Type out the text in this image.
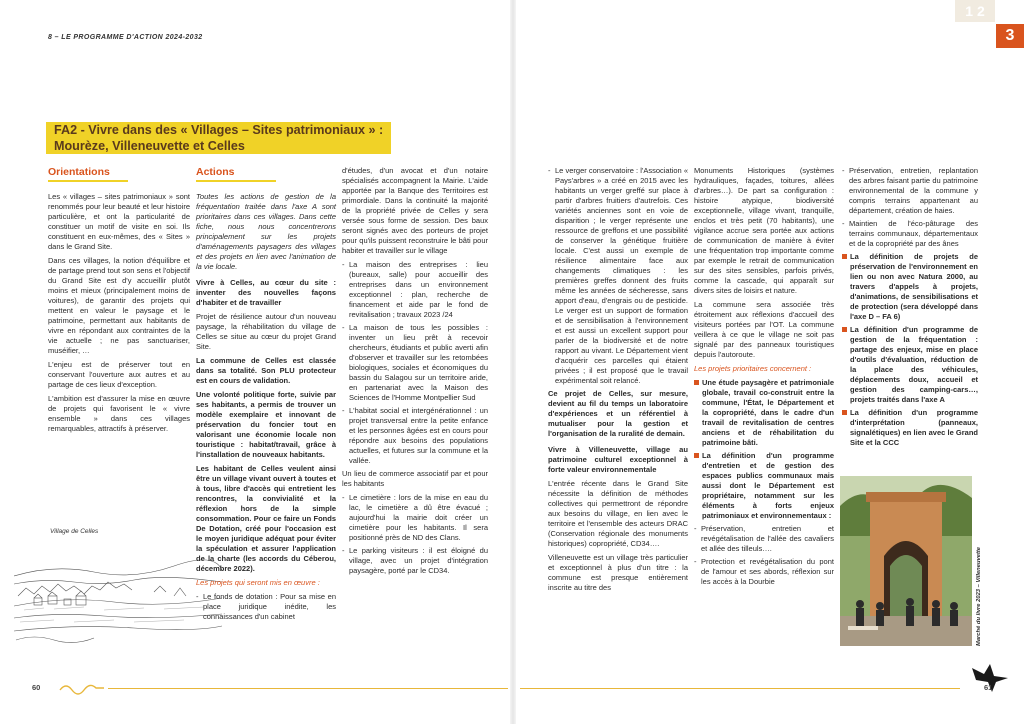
8 – LE PROGRAMME D'ACTION 2024-2032
1 2
3
FA2 - Vivre dans des « Villages – Sites patrimoniaux » :
Mourèze, Villeneuvette et Celles
Orientations

Les « villages – sites patrimoniaux » sont renommés pour leur beauté et leur histoire particulière, et ont la particularité de constituer un motif de visite en soi. Ils constituent en eux-mêmes, des « Sites » dans le Grand Site.

Dans ces villages, la notion d'équilibre et de partage prend tout son sens et l'objectif du Grand Site est d'y accueillir plutôt moins et mieux (principalement moins de voitures), de garantir des projets qui mettent en valeur le paysage et le patrimoine, permettant aux habitants de vivre en répondant aux contraintes de la vie actuelle ; ne pas sanctuariser, muséifier, …

L'enjeu est de préserver tout en conservant l'ouverture aux autres et au partage de ces lieux d'exception.

L'ambition est d'assurer la mise en œuvre de projets qui favorisent le « vivre ensemble » dans ces villages remarquables, attractifs à préserver.

Village de Celles
Actions

Toutes les actions de gestion de la fréquentation traitée dans l'axe A sont prioritaires dans ces villages. Dans cette fiche, nous nous concentrerons principalement sur les projets d'aménagements paysagers des villages et des projets en lien avec l'animation de la vie locale.

Vivre à Celles, au cœur du site : inventer des nouvelles façons d'habiter et de travailler

Projet de résilience autour d'un nouveau paysage, la réhabilitation du village de Celles se situe au cœur du projet Grand Site.

La commune de Celles est classée dans sa totalité. Son PLU protecteur est en cours de validation.

Une volonté politique forte, suivie par ses habitants, a permis de trouver un modèle exemplaire et innovant de préservation du foncier tout en valorisant une économie locale non touristique : habitat/travail, grâce à l'installation de nouveaux habitants.

Les habitant de Celles veulent ainsi être un village vivant ouvert à toutes et à tous, libre d'accès qui entretient les rencontres, la convivialité et la réflexion hors de la simple consommation. Pour ce faire un Fonds De Dotation, créé pour l'occasion est le moyen juridique adéquat pour éviter la spéculation et assurer l'application de la charte (les accords du Céberou, décembre 2022).

Les projets qui seront mis en œuvre :

- Le fonds de dotation : Pour sa mise en place juridique inédite, les connaissances d'un cabinet

d'études, d'un avocat et d'un notaire spécialisés accompagnent la Mairie. L'aide apportée par la Banque des Territoires est primordiale. Dans la continuité la majorité de la propriété privée de Celles y sera versée sous forme de session. Des baux seront signés avec des porteurs de projet pour qu'ils puissent reconstruire le bâti pour habiter et travailler sur le village

- La maison des entreprises : lieu (bureaux, salle) pour accueillir des entreprises dans un environnement exceptionnel : plan, recherche de financement et aide par le fond de revitalisation ; travaux 2023 /24
- La maison de tous les possibles : inventer un lieu prêt à recevoir chercheurs, étudiants et public averti afin d'observer et travailler sur les retombées biologiques, sociales et économiques du bassin du Salagou sur un territoire aride, en partenariat avec la Maison des Sciences de l'Homme Montpellier Sud
- L'habitat social et intergénérationnel : un projet transversal entre la petite enfance et les personnes âgées est en cours pour répondre aux besoins des populations actuelles, et futures sur la commune et la vallée.

Un lieu de commerce associatif par et pour les habitants

- Le cimetière : lors de la mise en eau du lac, le cimetière a dû être évacué ; aujourd'hui la mairie doit créer un cimetière pour les habitants. Il sera positionné près de ND des Clans.
- Le parking visiteurs : il est éloigné du village, avec un projet d'intégration paysagère, porté par le CD34.
- Le verger conservatoire : l'Association « Pays'arbres » a créé en 2015 avec les habitants un verger greffé sur place à partir d'arbres fruitiers d'autrefois. Ces variétés anciennes sont en voie de disparition ; le verger représente une ressource de greffons et une possibilité de conserver la génétique fruitière locale. C'est aussi un exemple de résilience alimentaire face aux changements climatiques : les premières greffes donnent des fruits même les années de sécheresse, sans apport d'eau, d'engrais ou de pesticide. Le verger est un support de formation et de sensibilisation à l'environnement et est aussi un excellent support pour parler de la biodiversité et de notre rapport au vivant. Le Département vient d'acquérir ces parcelles qui étaient privées ; il est proposé que le travail expérimental soit relancé.

Ce projet de Celles, sur mesure, devient au fil du temps un laboratoire d'expériences et un référentiel à mutualiser pour la gestion et l'organisation de la ruralité de demain.

Vivre à Villeneuvette, village au patrimoine culturel exceptionnel à forte valeur environnementale

L'entrée récente dans le Grand Site nécessite la définition de méthodes collectives qui permettront de répondre aux besoins du village, en lien avec le territoire et l'ensemble des acteurs DRAC (Conservation régionale des monuments historiques) copropriété, CD34….

Villeneuvette est un village très particulier et exceptionnel à plus d'un titre : la commune est presque entièrement inscrite au titre des

Monuments Historiques (systèmes hydrauliques, façades, toitures, allées d'arbres…). De part sa configuration : histoire atypique, biodiversité exceptionnelle, village vivant, tranquille, enclos et très petit (70 habitants), une vigilance accrue sera portée aux actions de communication de manière à éviter une fréquentation trop importante comme par exemple le retrait de communication sur des sites sensibles, parfois privés, comme la cascade, qui apparaît sur divers sites de loisirs et nature.

La commune sera associée très étroitement aux réflexions d'accueil des visiteurs portées par l'OT. La commune veillera à ce que le village ne soit pas signalé par des panneaux touristiques depuis l'autoroute.

Les projets prioritaires concernent :

Une étude paysagère et patrimoniale globale, travail co-construit entre la commune, l'État, le Département et la copropriété, dans le cadre d'un travail de revitalisation de centres anciens et de réhabilitation du patrimoine bâti.
La définition d'un programme d'entretien et de gestion des espaces publics communaux mais aussi dont le Département est propriétaire, notamment sur les éléments à forts enjeux patrimoniaux et environnementaux :
- Préservation, entretien et revégétalisation de l'allée des cavaliers et allée des tilleuls….
- Protection et revégétalisation du pont de l'amour et ses abords, réflexion sur les accès à la Dourbie
- Préservation, entretien, replantation des arbres faisant partie du patrimoine environnemental de la commune y compris terrains appartenant au département, création de haies.
- Maintien de l'éco-pâturage des terrains communaux, départementaux et de la copropriété par des ânes
La définition de projets de préservation de l'environnement en lien ou non avec Natura 2000, au travers d'appels à projets, d'animations, de sensibilisations et de protection (sera développé dans l'axe D – FA 6)
La définition d'un programme de gestion de la fréquentation : partage des enjeux, mise en place d'outils d'évaluation, réduction de la place des véhicules, déplacements doux, accueil et gestion des camping-cars…, projets traités dans l'axe A
La définition d'un programme d'interprétation (panneaux, signalétiques) en lien avec le Grand Site et la CCC
Marché du livre 2023 – Villeneuvette
60	61
